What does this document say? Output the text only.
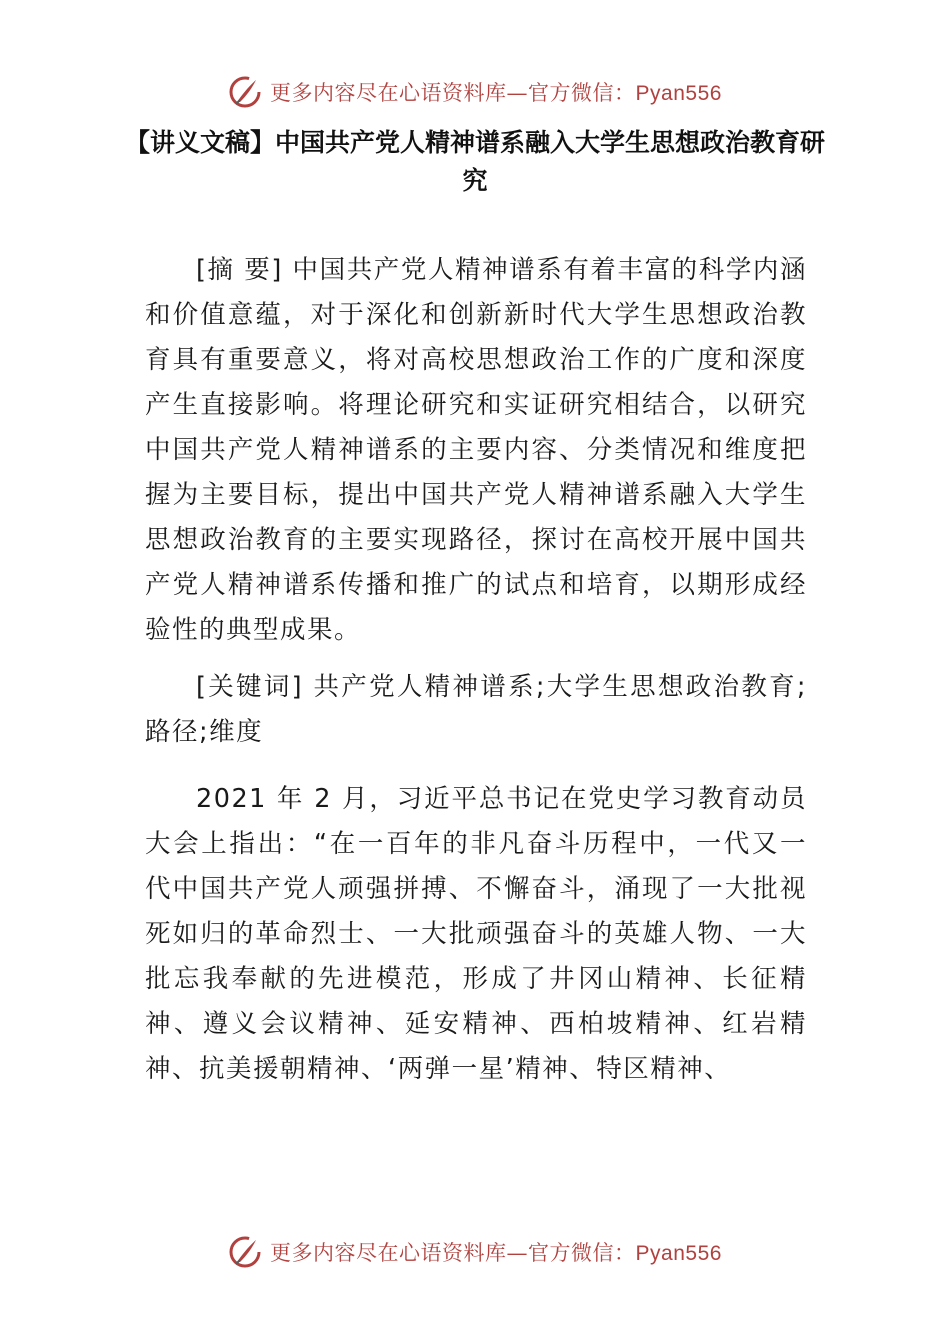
更多内容尽在心语资料库—官方微信：Pyan556
【讲义文稿】中国共产党人精神谱系融入大学生思想政治教育研究

[摘 要] 中国共产党人精神谱系有着丰富的科学内涵和价值意蕴，对于深化和创新新时代大学生思想政治教育具有重要意义，将对高校思想政治工作的广度和深度产生直接影响。将理论研究和实证研究相结合，以研究中国共产党人精神谱系的主要内容、分类情况和维度把握为主要目标，提出中国共产党人精神谱系融入大学生思想政治教育的主要实现路径，探讨在高校开展中国共产党人精神谱系传播和推广的试点和培育，以期形成经验性的典型成果。

[关键词] 共产党人精神谱系;大学生思想政治教育;路径;维度

2021 年 2 月，习近平总书记在党史学习教育动员大会上指出：“在一百年的非凡奋斗历程中，一代又一代中国共产党人顽强拼搏、不懈奋斗，涌现了一大批视死如归的革命烈士、一大批顽强奋斗的英雄人物、一大批忘我奉献的先进模范，形成了井冈山精神、长征精神、遵义会议精神、延安精神、西柏坡精神、红岩精神、抗美援朝精神、‘两弹一星’精神、特区精神、

更多内容尽在心语资料库—官方微信：Pyan556
